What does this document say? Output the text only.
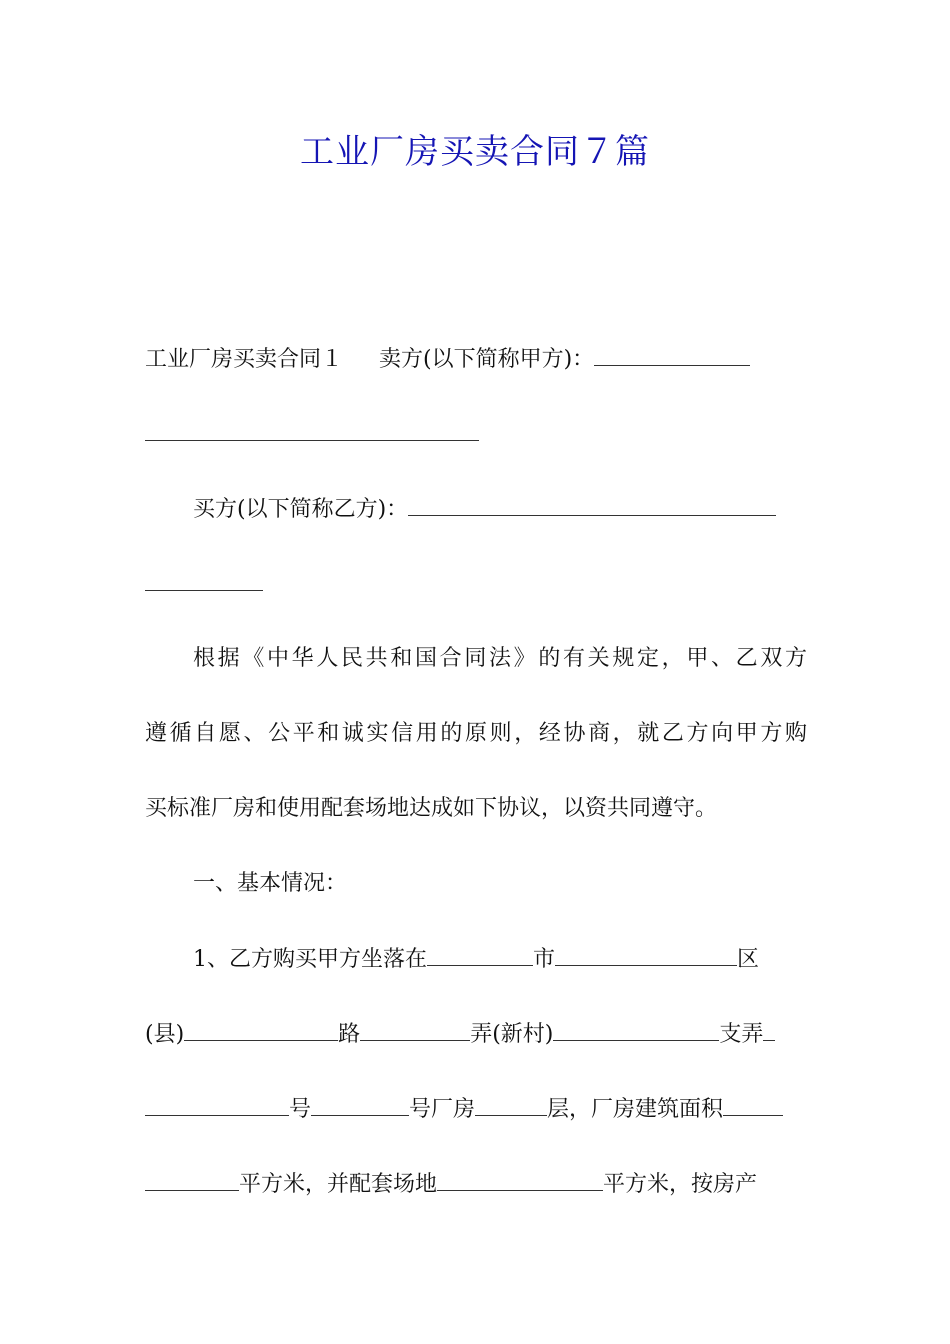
工业厂房买卖合同７篇
工业厂房买卖合同１ 卖方(以下简称甲方)：
买方(以下简称乙方)：
根据《中华人民共和国合同法》的有关规定，甲、乙双方
遵循自愿、公平和诚实信用的原则，经协商，就乙方向甲方购
买标准厂房和使用配套场地达成如下协议，以资共同遵守。
一、基本情况：
1、乙方购买甲方坐落在	市	区
(县)	路	弄(新村)	支弄
号	号厂房	层，厂房建筑面积
平方米，并配套场地	平方米，按房产
